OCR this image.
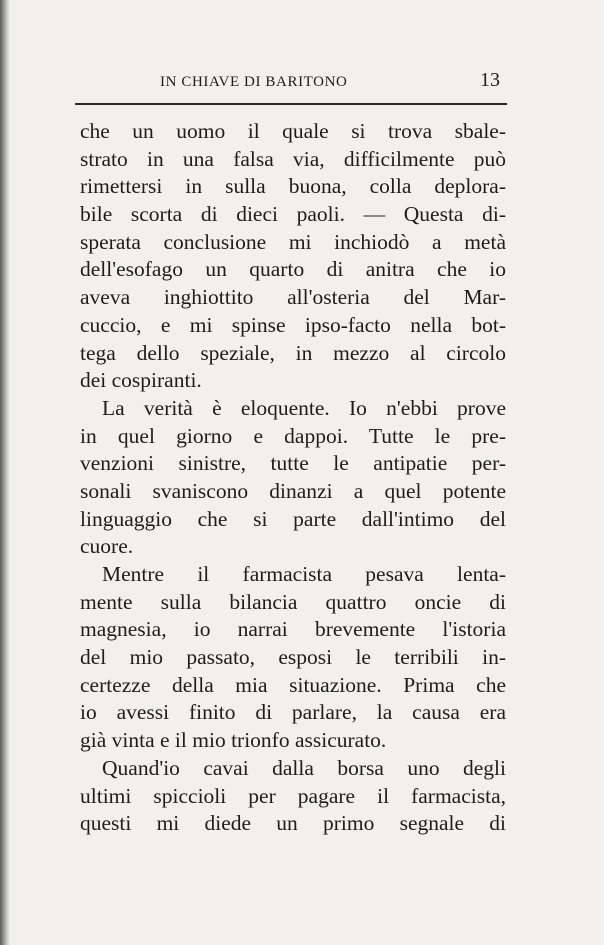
IN CHIAVE DI BARITONO	13
che un uomo il quale si trova sbale-
strato in una falsa via, difficilmente può
rimettersi in sulla buona, colla deplora-
bile scorta di dieci paoli. — Questa di-
sperata conclusione mi inchiodò a metà
dell'esofago un quarto di anitra che io
aveva inghiottito all'osteria del Mar-
cuccio, e mi spinse ipso-facto nella bot-
tega dello speziale, in mezzo al circolo
dei cospiranti.
La verità è eloquente. Io n'ebbi prove
in quel giorno e dappoi. Tutte le pre-
venzioni sinistre, tutte le antipatie per-
sonali svaniscono dinanzi a quel potente
linguaggio che si parte dall'intimo del
cuore.
Mentre il farmacista pesava lenta-
mente sulla bilancia quattro oncie di
magnesia, io narrai brevemente l'istoria
del mio passato, esposi le terribili in-
certezze della mia situazione. Prima che
io avessi finito di parlare, la causa era
già vinta e il mio trionfo assicurato.
Quand'io cavai dalla borsa uno degli
ultimi spiccioli per pagare il farmacista,
questi mi diede un primo segnale di
